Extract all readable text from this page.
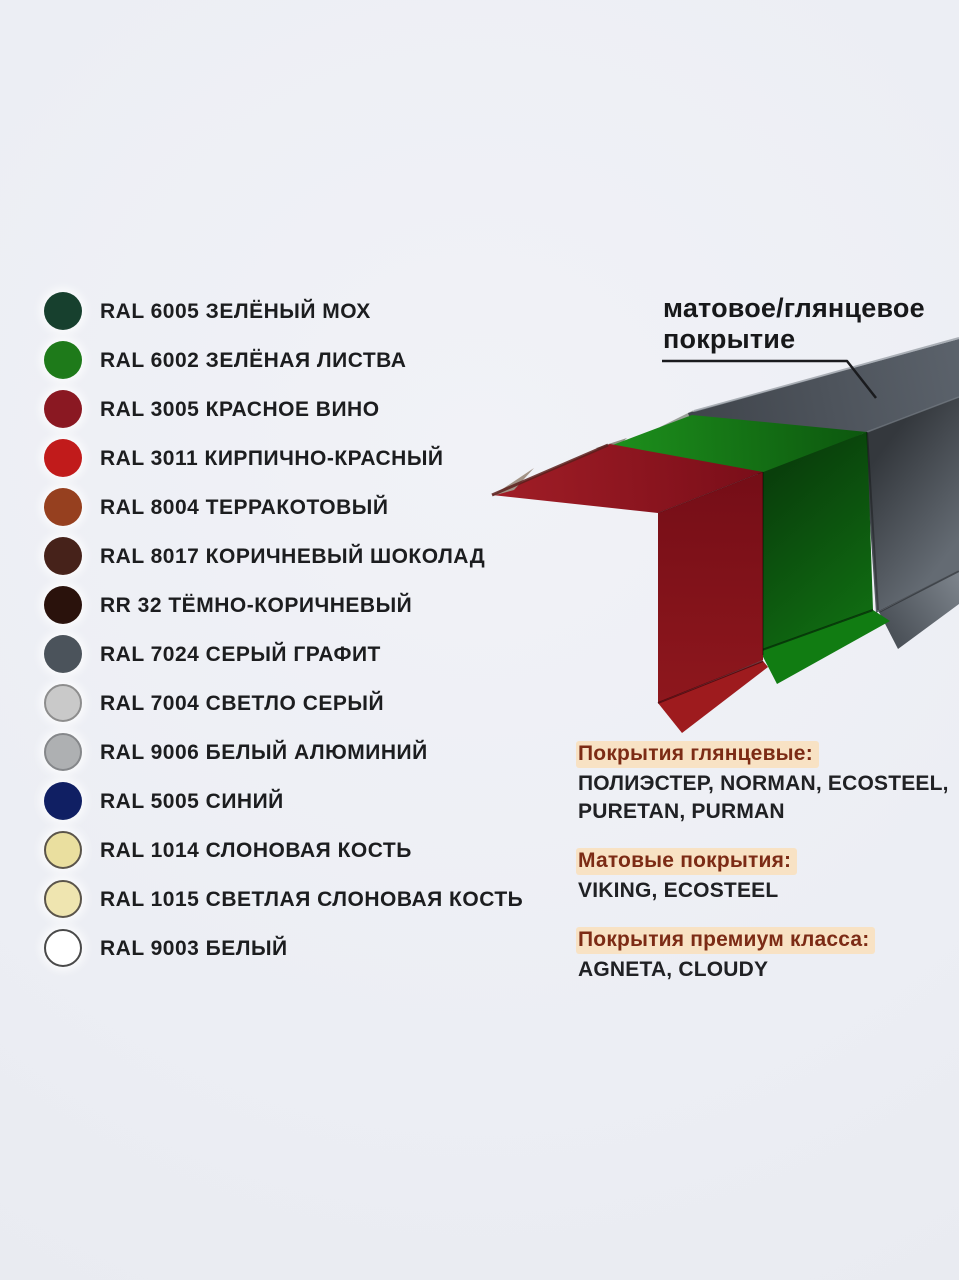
RAL 6005 ЗЕЛЁНЫЙ МОХ
RAL 6002 ЗЕЛЁНАЯ ЛИСТВА
RAL 3005 КРАСНОЕ ВИНО
RAL 3011 КИРПИЧНО-КРАСНЫЙ
RAL 8004 ТЕРРАКОТОВЫЙ
RAL 8017 КОРИЧНЕВЫЙ ШОКОЛАД
RR 32 ТЁМНО-КОРИЧНЕВЫЙ
RAL 7024 СЕРЫЙ ГРАФИТ
RAL 7004 СВЕТЛО СЕРЫЙ
RAL 9006 БЕЛЫЙ АЛЮМИНИЙ
RAL 5005 СИНИЙ
RAL 1014 СЛОНОВАЯ КОСТЬ
RAL 1015 СВЕТЛАЯ СЛОНОВАЯ КОСТЬ
RAL 9003 БЕЛЫЙ
матовое/глянцевое
покрытие
Покрытия глянцевые:
ПОЛИЭСТЕР, NORMAN, ECOSTEEL,
PURETAN, PURMAN
Матовые покрытия:
VIKING, ECOSTEEL
Покрытия премиум класса:
AGNETA, CLOUDY
